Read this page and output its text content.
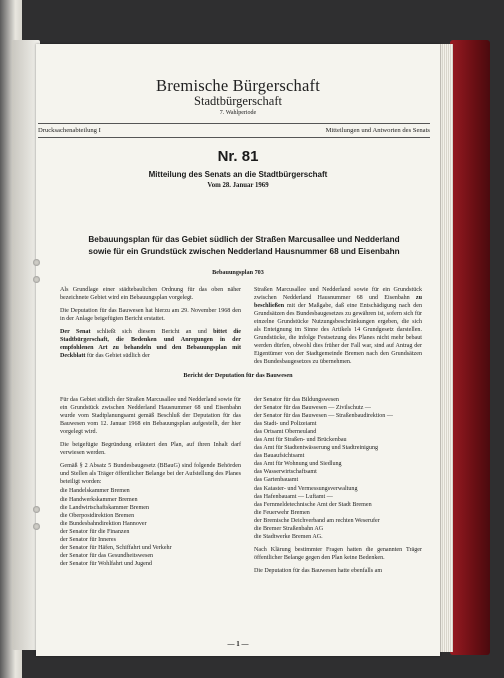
Bremische Bürgerschaft
Stadtbürgerschaft
7. Wahlperiode
Drucksachenabteilung I	Mitteilungen und Antworten des Senats
Nr. 81
Mitteilung des Senats an die Stadtbürgerschaft
Vom 28. Januar 1969
Bebauungsplan für das Gebiet südlich der Straßen Marcusallee und Nedderland
sowie für ein Grundstück zwischen Nedderland Hausnummer 68 und Eisenbahn
Bebauungsplan 703

Als Grundlage einer städtebaulichen Ordnung für das oben näher bezeichnete Gebiet wird ein Bebauungsplan vorgelegt.

Die Deputation für das Bauwesen hat hierzu am 29. November 1968 den in der Anlage beigefügten Bericht erstattet.

Der Senat schließt sich diesem Bericht an und bittet die Stadtbürgerschaft, die Bedenken und Anregungen in der empfohlenen Art zu behandeln und den Bebauungsplan mit Deckblatt für das Gebiet südlich der

Straßen Marcusallee und Nedderland sowie für ein Grundstück zwischen Nedderland Hausnummer 68 und Eisenbahn zu beschließen mit der Maßgabe, daß eine Entschädigung nach den Grundsätzen des Bundesbaugesetzes zu gewähren ist, sofern sich für einzelne Grundstücke Nutzungsbeschränkungen ergeben, die sich als Enteignung im Sinne des Artikels 14 Grundgesetz darstellen. Grundstücke, die infolge Festsetzung des Planes nicht mehr bebaut werden dürfen, obwohl dies früher der Fall war, sind auf Antrag der Eigentümer von der Stadtgemeinde Bremen nach den Grundsätzen des Bundesbaugesetzes zu übernehmen.

Bericht der Deputation für das Bauwesen

Für das Gebiet südlich der Straßen Marcusallee und Nedderland sowie für ein Grundstück zwischen Nedderland Hausnummer 68 und Eisenbahn wurde vom Stadtplanungsamt gemäß Beschluß der Deputation für das Bauwesen vom 12. Januar 1968 ein Bebauungsplan aufgestellt, der hier vorgelegt wird.

Die beigefügte Begründung erläutert den Plan, auf ihren Inhalt darf verwiesen werden.

Gemäß § 2 Absatz 5 Bundesbaugesetz (BBauG) sind folgende Behörden und Stellen als Träger öffentlicher Belange bei der Aufstellung des Planes beteiligt worden:

die Handelskammer Bremen
die Handwerkskammer Bremen
die Landwirtschaftskammer Bremen
die Oberpostdirektion Bremen
die Bundesbahndirektion Hannover
der Senator für die Finanzen
der Senator für Inneres
der Senator für Häfen, Schiffahrt und Verkehr
der Senator für das Gesundheitswesen
der Senator für Wohlfahrt und Jugend
der Senator für das Bildungswesen
der Senator für das Bauwesen — Zivilschutz —
der Senator für das Bauwesen — Straßenbaudirektion —
das Stadt- und Polizeiamt
das Ortsamt Oberneuland
das Amt für Straßen- und Brückenbau
das Amt für Stadtentwässerung und Stadtreinigung
das Bauaufsichtsamt
das Amt für Wohnung und Siedlung
das Wasserwirtschaftsamt
das Gartenbauamt
das Kataster- und Vermessungsverwaltung
das Hafenbauamt — Luftamt —
das Fernmeldetechnische Amt der Stadt Bremen
die Feuerwehr Bremen
der Bremische Deichverband am rechten Weserufer
die Bremer Straßenbahn AG
die Stadtwerke Bremen AG.

Nach Klärung bestimmter Fragen hatten die genannten Träger öffentlicher Belange gegen den Plan keine Bedenken.

Die Deputation für das Bauwesen hatte ebenfalls am

— 1 —
